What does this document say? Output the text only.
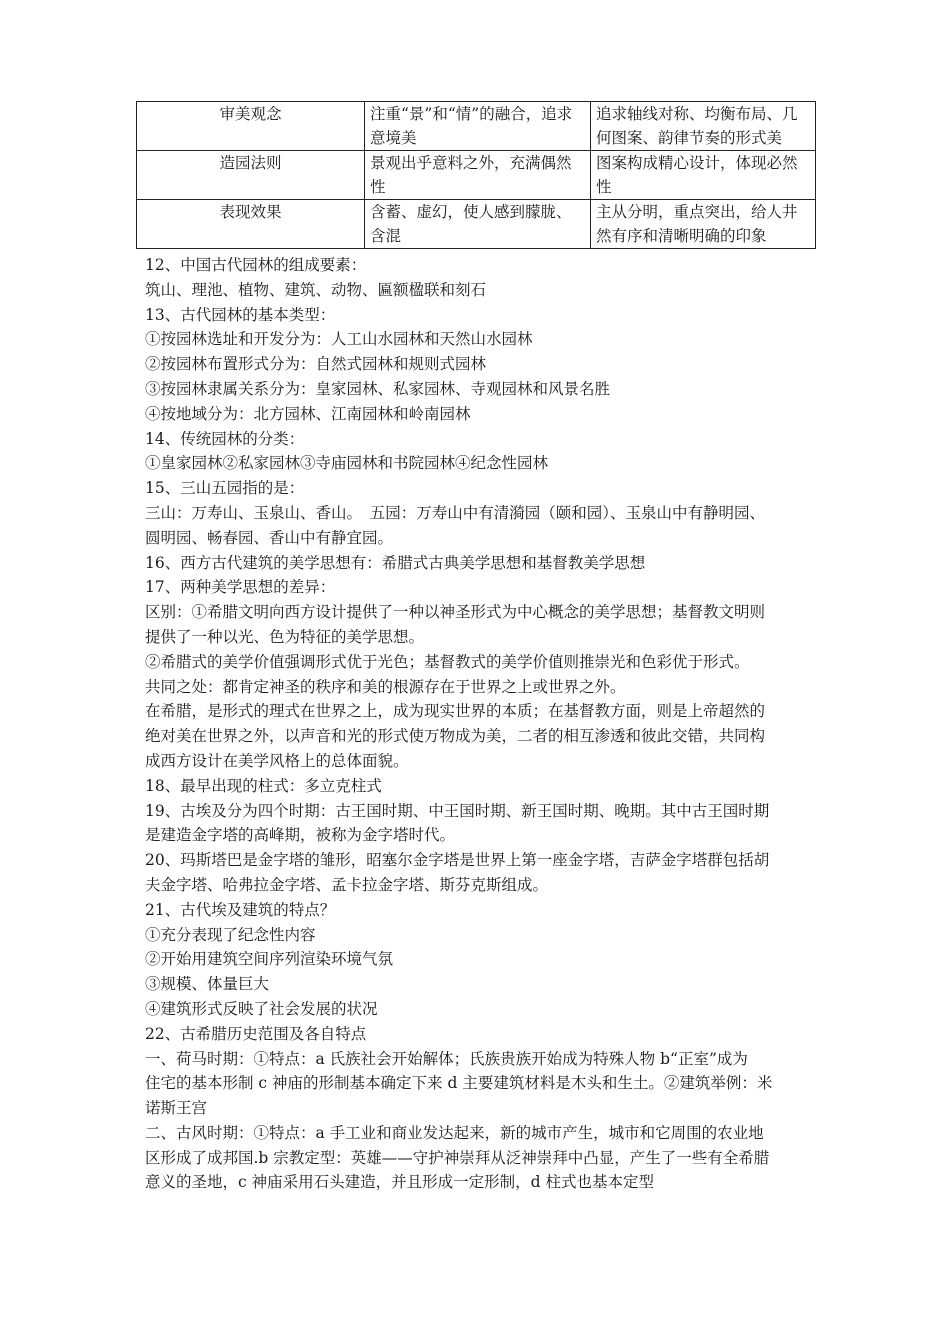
审美观念	注重“景”和“情”的融合，追求意境美	追求轴线对称、均衡布局、几何图案、韵律节奏的形式美
造园法则	景观出乎意料之外，充满偶然性	图案构成精心设计，体现必然性
表现效果	含蓄、虚幻，使人感到朦胧、含混	主从分明，重点突出，给人井然有序和清晰明确的印象
12、中国古代园林的组成要素：
筑山、理池、植物、建筑、动物、匾额楹联和刻石
13、古代园林的基本类型：
①按园林选址和开发分为：人工山水园林和天然山水园林
②按园林布置形式分为：自然式园林和规则式园林
③按园林隶属关系分为：皇家园林、私家园林、寺观园林和风景名胜
④按地域分为：北方园林、江南园林和岭南园林
14、传统园林的分类：
①皇家园林②私家园林③寺庙园林和书院园林④纪念性园林
15、三山五园指的是：
三山：万寿山、玉泉山、香山。　五园：万寿山中有清漪园（颐和园）、玉泉山中有静明园、
圆明园、畅春园、香山中有静宜园。
16、西方古代建筑的美学思想有：希腊式古典美学思想和基督教美学思想
17、两种美学思想的差异：
区别：①希腊文明向西方设计提供了一种以神圣形式为中心概念的美学思想；基督教文明则
提供了一种以光、色为特征的美学思想。
②希腊式的美学价值强调形式优于光色；基督教式的美学价值则推崇光和色彩优于形式。
共同之处：都肯定神圣的秩序和美的根源存在于世界之上或世界之外。
在希腊，是形式的理式在世界之上，成为现实世界的本质；在基督教方面，则是上帝超然的
绝对美在世界之外，以声音和光的形式使万物成为美，二者的相互渗透和彼此交错，共同构
成西方设计在美学风格上的总体面貌。
18、最早出现的柱式：多立克柱式
19、古埃及分为四个时期：古王国时期、中王国时期、新王国时期、晚期。其中古王国时期
是建造金字塔的高峰期，被称为金字塔时代。
20、玛斯塔巴是金字塔的雏形，昭塞尔金字塔是世界上第一座金字塔，吉萨金字塔群包括胡
夫金字塔、哈弗拉金字塔、孟卡拉金字塔、斯芬克斯组成。
21、古代埃及建筑的特点？
①充分表现了纪念性内容
②开始用建筑空间序列渲染环境气氛
③规模、体量巨大
④建筑形式反映了社会发展的状况
22、古希腊历史范围及各自特点
一、荷马时期：①特点：a 氏族社会开始解体；氏族贵族开始成为特殊人物 b“正室”成为
住宅的基本形制 c 神庙的形制基本确定下来 d 主要建筑材料是木头和生土。②建筑举例：米
诺斯王宫
二、古风时期：①特点：a 手工业和商业发达起来，新的城市产生，城市和它周围的农业地
区形成了成邦国.b 宗教定型：英雄——守护神崇拜从泛神崇拜中凸显，产生了一些有全希腊
意义的圣地，c 神庙采用石头建造，并且形成一定形制，d 柱式也基本定型
